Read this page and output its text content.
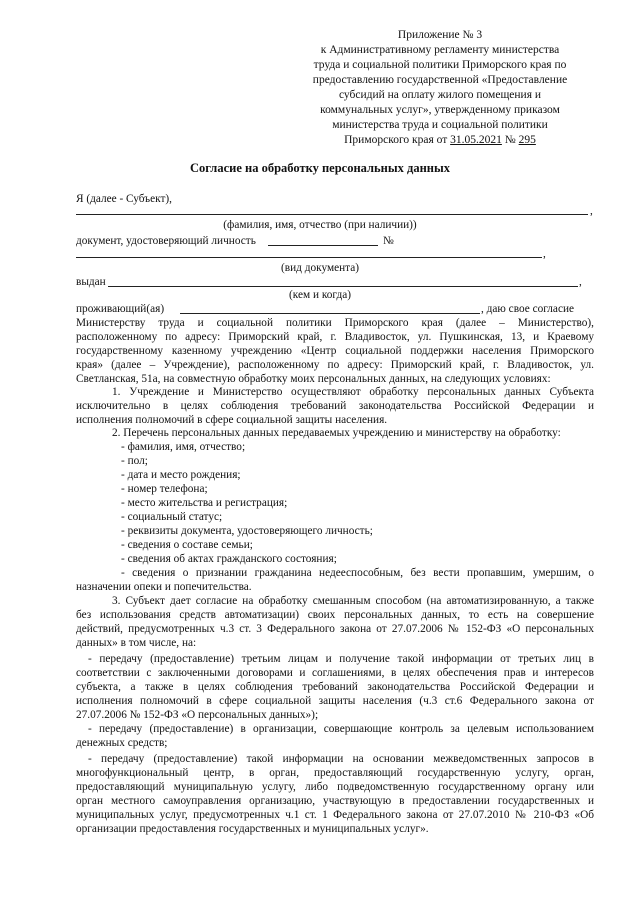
Приложение № 3
к Административному регламенту министерства
труда и социальной политики Приморского края по
предоставлению государственной «Предоставление
субсидий на оплату жилого помещения и
коммунальных услуг», утвержденному приказом
министерства труда и социальной политики
Приморского края от 31.05.2021 № 295
Согласие на обработку персональных данных
Я (далее - Субъект),
,
(фамилия, имя, отчество (при наличии))
документ, удостоверяющий личность	№
,
(вид документа)
выдан	,
(кем и когда)
проживающий(ая)	, даю свое согласие
Министерству труда и социальной политики Приморского края (далее – Министерство),
расположенному по адресу: Приморский край, г. Владивосток, ул. Пушкинская, 13, и Краевому
государственному казенному учреждению «Центр социальной поддержки населения Приморского
края» (далее – Учреждение), расположенному по адресу: Приморский край, г. Владивосток, ул.
Светланская, 51а, на совместную обработку моих персональных данных, на следующих условиях:
1. Учреждение и Министерство осуществляют обработку персональных данных Субъекта
исключительно в целях соблюдения требований законодательства Российской Федерации и
исполнения полномочий в сфере социальной защиты населения.
2. Перечень персональных данных передаваемых учреждению и министерству на обработку:
- фамилия, имя, отчество;
- пол;
- дата и место рождения;
- номер телефона;
- место жительства и регистрация;
- социальный статус;
- реквизиты документа, удостоверяющего личность;
- сведения о составе семьи;
- сведения об актах гражданского состояния;
- сведения о признании гражданина недееспособным, без вести пропавшим, умершим, о
назначении опеки и попечительства.
3. Субъект дает согласие на обработку смешанным способом (на автоматизированную, а также
без использования средств автоматизации) своих персональных данных, то есть на совершение
действий, предусмотренных ч.3 ст. 3 Федерального закона от 27.07.2006 № 152-ФЗ «О персональных
данных» в том числе, на:
- передачу (предоставление) третьим лицам и получение такой информации от третьих лиц в
соответствии с заключенными договорами и соглашениями, в целях обеспечения прав и интересов
субъекта, а также в целях соблюдения требований законодательства Российской Федерации и
исполнения полномочий в сфере социальной защиты населения (ч.3 ст.6 Федерального закона от
27.07.2006 № 152-ФЗ «О персональных данных»);
- передачу (предоставление) в организации, совершающие контроль за целевым использованием
денежных средств;
- передачу (предоставление) такой информации на основании межведомственных запросов в
многофункциональный центр, в орган, предоставляющий государственную услугу, орган,
предоставляющий муниципальную услугу, либо подведомственную государственному органу или
орган местного самоуправления организацию, участвующую в предоставлении государственных и
муниципальных услуг, предусмотренных ч.1 ст. 1 Федерального закона от 27.07.2010 № 210-ФЗ «Об
организации предоставления государственных и муниципальных услуг».
